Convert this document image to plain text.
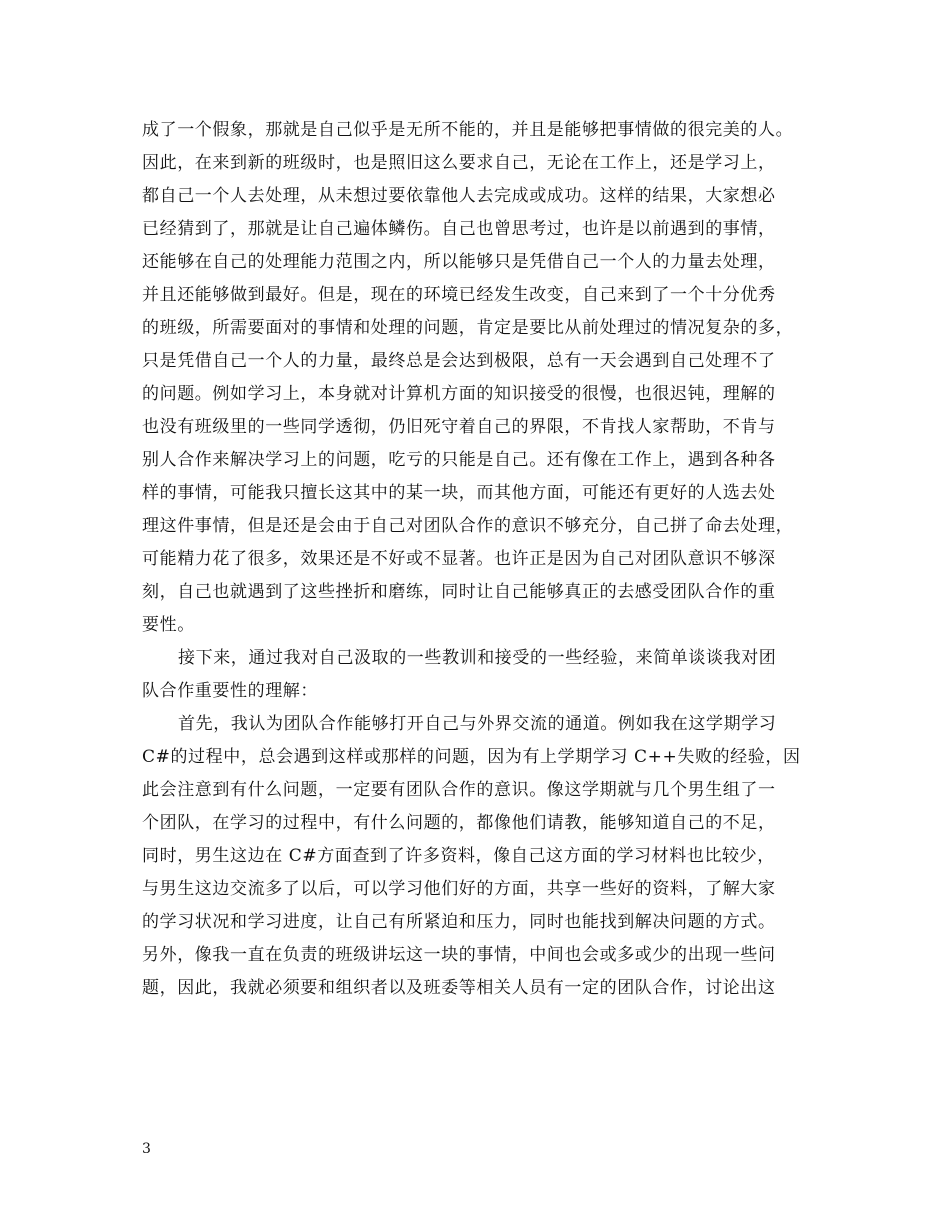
成了一个假象，那就是自己似乎是无所不能的，并且是能够把事情做的很完美的人。
因此，在来到新的班级时，也是照旧这么要求自己，无论在工作上，还是学习上，
都自己一个人去处理，从未想过要依靠他人去完成或成功。这样的结果，大家想必
已经猜到了，那就是让自己遍体鳞伤。自己也曾思考过，也许是以前遇到的事情，
还能够在自己的处理能力范围之内，所以能够只是凭借自己一个人的力量去处理，
并且还能够做到最好。但是，现在的环境已经发生改变，自己来到了一个十分优秀
的班级，所需要面对的事情和处理的问题，肯定是要比从前处理过的情况复杂的多，
只是凭借自己一个人的力量，最终总是会达到极限，总有一天会遇到自己处理不了
的问题。例如学习上，本身就对计算机方面的知识接受的很慢，也很迟钝，理解的
也没有班级里的一些同学透彻，仍旧死守着自己的界限，不肯找人家帮助，不肯与
别人合作来解决学习上的问题，吃亏的只能是自己。还有像在工作上，遇到各种各
样的事情，可能我只擅长这其中的某一块，而其他方面，可能还有更好的人选去处
理这件事情，但是还是会由于自己对团队合作的意识不够充分，自己拼了命去处理，
可能精力花了很多，效果还是不好或不显著。也许正是因为自己对团队意识不够深
刻，自己也就遇到了这些挫折和磨练，同时让自己能够真正的去感受团队合作的重
要性。
接下来，通过我对自己汲取的一些教训和接受的一些经验，来简单谈谈我对团
队合作重要性的理解：
首先，我认为团队合作能够打开自己与外界交流的通道。例如我在这学期学习
C#的过程中，总会遇到这样或那样的问题，因为有上学期学习 C++失败的经验，因
此会注意到有什么问题，一定要有团队合作的意识。像这学期就与几个男生组了一
个团队，在学习的过程中，有什么问题的，都像他们请教，能够知道自己的不足，
同时，男生这边在 C#方面查到了许多资料，像自己这方面的学习材料也比较少，
与男生这边交流多了以后，可以学习他们好的方面，共享一些好的资料，了解大家
的学习状况和学习进度，让自己有所紧迫和压力，同时也能找到解决问题的方式。
另外，像我一直在负责的班级讲坛这一块的事情，中间也会或多或少的出现一些问
题，因此，我就必须要和组织者以及班委等相关人员有一定的团队合作，讨论出这
3
